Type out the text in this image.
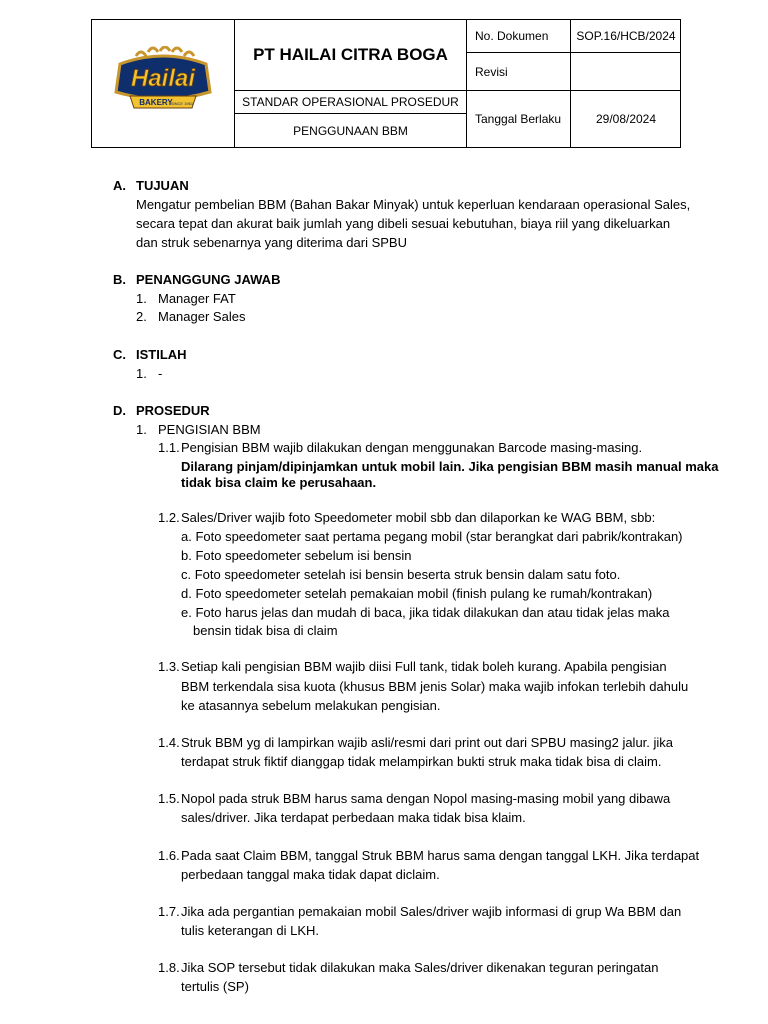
Hailai
BAKERY
SINCE 1961
PT HAILAI CITRA BOGA
STANDAR OPERASIONAL PROSEDUR
PENGGUNAAN BBM
No. Dokumen	SOP.16/HCB/2024
Revisi
Tanggal Berlaku	29/08/2024
A. TUJUAN
Mengatur pembelian BBM (Bahan Bakar Minyak) untuk keperluan kendaraan operasional Sales,
secara tepat dan akurat baik jumlah yang dibeli sesuai kebutuhan, biaya riil yang dikeluarkan
dan struk sebenarnya yang diterima dari SPBU
B. PENANGGUNG JAWAB
1. Manager FAT
2. Manager Sales
C. ISTILAH
1. -
D. PROSEDUR
1. PENGISIAN BBM
1.1. Pengisian BBM wajib dilakukan dengan menggunakan Barcode masing-masing.
Dilarang pinjam/dipinjamkan untuk mobil lain. Jika pengisian BBM masih manual maka
tidak bisa claim ke perusahaan.
1.2. Sales/Driver wajib foto Speedometer mobil sbb dan dilaporkan ke WAG BBM, sbb:
a. Foto speedometer saat pertama pegang mobil (star berangkat dari pabrik/kontrakan)
b. Foto speedometer sebelum isi bensin
c. Foto speedometer setelah isi bensin beserta struk bensin dalam satu foto.
d. Foto speedometer setelah pemakaian mobil (finish pulang ke rumah/kontrakan)
e. Foto harus jelas dan mudah di baca, jika tidak dilakukan dan atau tidak jelas maka
bensin tidak bisa di claim
1.3. Setiap kali pengisian BBM wajib diisi Full tank, tidak boleh kurang. Apabila pengisian
BBM terkendala sisa kuota (khusus BBM jenis Solar) maka wajib infokan terlebih dahulu
ke atasannya sebelum melakukan pengisian.
1.4. Struk BBM yg di lampirkan wajib asli/resmi dari print out dari SPBU masing2 jalur. jika
terdapat struk fiktif dianggap tidak melampirkan bukti struk maka tidak bisa di claim.
1.5. Nopol pada struk BBM harus sama dengan Nopol masing-masing mobil yang dibawa
sales/driver. Jika terdapat perbedaan maka tidak bisa klaim.
1.6. Pada saat Claim BBM, tanggal Struk BBM harus sama dengan tanggal LKH. Jika terdapat
perbedaan tanggal maka tidak dapat diclaim.
1.7. Jika ada pergantian pemakaian mobil Sales/driver wajib informasi di grup Wa BBM dan
tulis keterangan di LKH.
1.8. Jika SOP tersebut tidak dilakukan maka Sales/driver dikenakan teguran peringatan
tertulis (SP)
